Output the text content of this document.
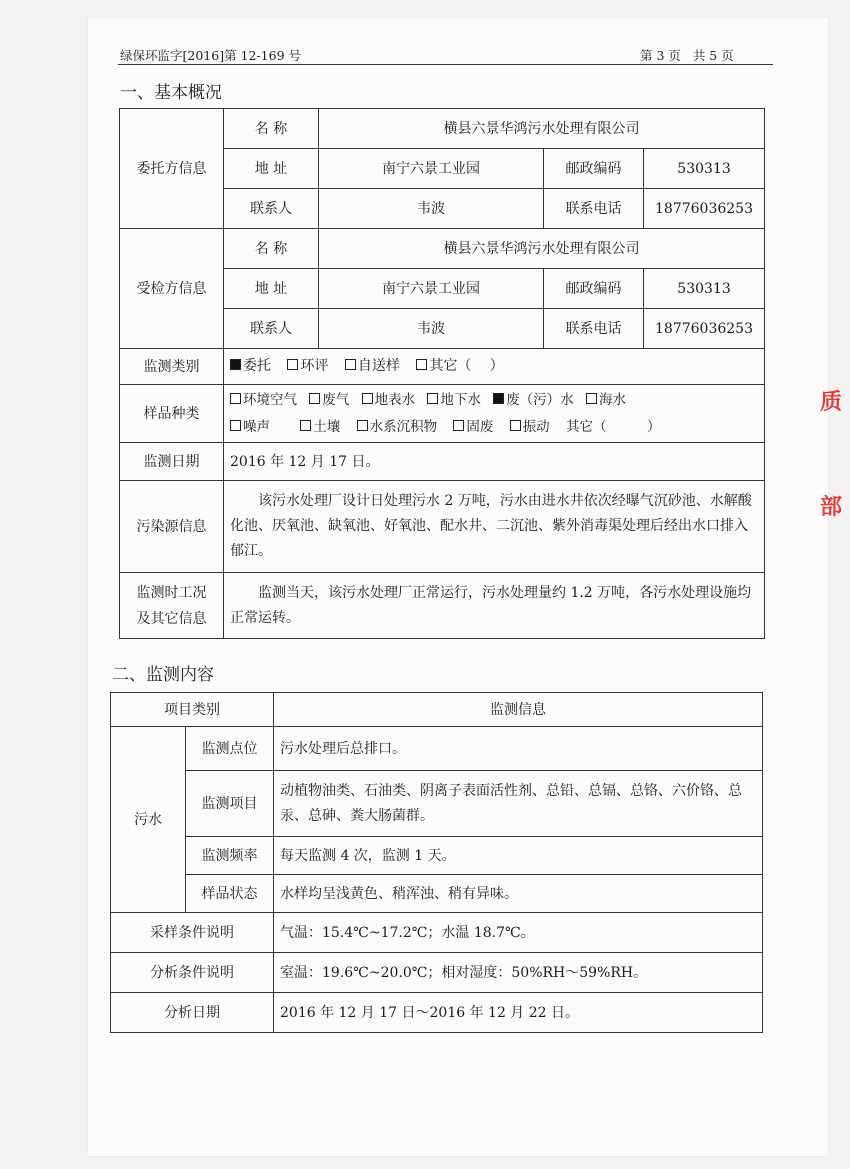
绿保环监字[2016]第 12-169 号	第 3 页 共 5 页
一、基本概况
委托方信息	名 称	横县六景华鸿污水处理有限公司		
	地 址	南宁六景工业园	邮政编码	530313
	联系人	韦波	联系电话	18776036253
受检方信息	名 称	横县六景华鸿污水处理有限公司		
	地 址	南宁六景工业园	邮政编码	530313
	联系人	韦波	联系电话	18776036253
监测类别	委托 环评 自送样 其它（　 ）			
样品种类	环境空气 废气 地表水 地下水 废（污）水 海水
噪声 土壤 水系沉积物 固废 振动 其它（　　　）			

监测日期	2016 年 12 月 17 日。			
污染源信息	该污水处理厂设计日处理污水 2 万吨，污水由进水井依次经曝气沉砂池、水解酸化池、厌氧池、缺氧池、好氧池、配水井、二沉池、紫外消毒渠处理后经出水口排入郁江。			
监测时工况
及其它信息	监测当天，该污水处理厂正常运行，污水处理量约 1.2 万吨，各污水处理设施均正常运转。			
二、监测内容
项目类别		监测信息
污水	监测点位	污水处理后总排口。
	监测项目	动植物油类、石油类、阴离子表面活性剂、总铅、总镉、总铬、六价铬、总汞、总砷、粪大肠菌群。
	监测频率	每天监测 4 次，监测 1 天。
	样品状态	水样均呈浅黄色、稍浑浊、稍有异味。
采样条件说明		气温：15.4℃~17.2℃；水温 18.7℃。
分析条件说明		室温：19.6℃~20.0℃；相对湿度：50%RH～59%RH。
分析日期		2016 年 12 月 17 日～2016 年 12 月 22 日。
质
部
